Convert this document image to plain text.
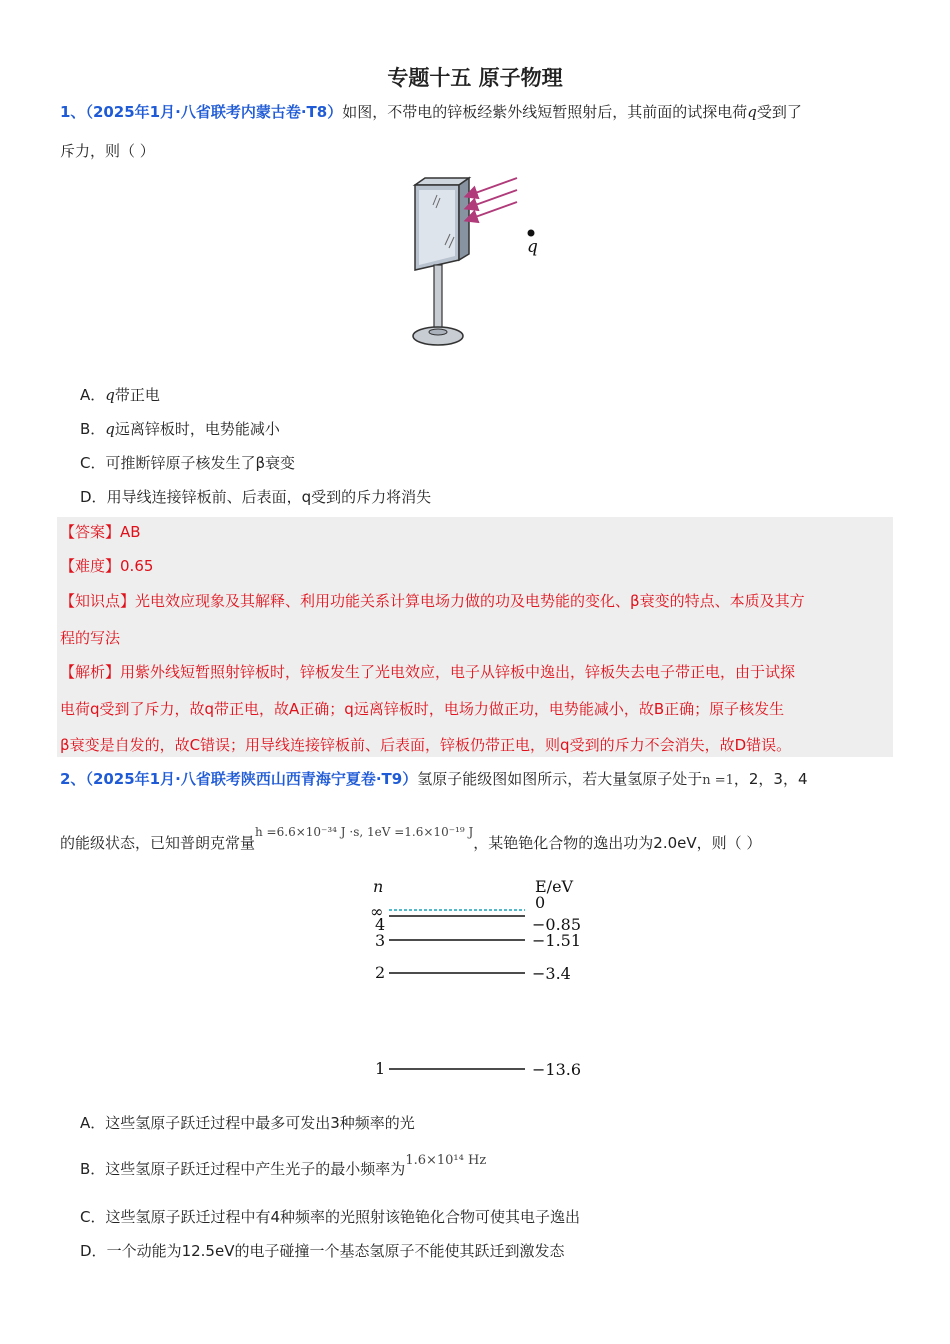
专题十五 原子物理
1、（2025年1月·八省联考内蒙古卷·T8）如图，不带电的锌板经紫外线短暂照射后，其前面的试探电荷q受到了
斥力，则（ ）
q
A．q带正电
B．q远离锌板时，电势能减小
C．可推断锌原子核发生了β衰变
D．用导线连接锌板前、后表面，q受到的斥力将消失
【答案】AB
【难度】0.65
【知识点】光电效应现象及其解释、利用功能关系计算电场力做的功及电势能的变化、β衰变的特点、本质及其方
程的写法
【解析】用紫外线短暂照射锌板时，锌板发生了光电效应，电子从锌板中逸出，锌板失去电子带正电，由于试探
电荷q受到了斥力，故q带正电，故A正确；q远离锌板时，电场力做正功，电势能减小，故B正确；原子核发生
β衰变是自发的，故C错误；用导线连接锌板前、后表面，锌板仍带正电，则q受到的斥力不会消失，故D错误。
2、（2025年1月·八省联考陕西山西青海宁夏卷·T9）氢原子能级图如图所示，若大量氢原子处于n =1，2，3，4
的能级状态，已知普朗克常量$^{h =6.6\times 10^{-34} J \cdot s, 1eV =1.6\times 10^{-19} J}$，某铯铯化合物的逸出功为2.0eV，则（ ）
n	E/eV
∞	0
4	−0.85
3	−1.51
2	−3.4
1	−13.6
A．这些氢原子跃迁过程中最多可发出3种频率的光
B．这些氢原子跃迁过程中产生光子的最小频率为1.6×10¹⁴ Hz
C．这些氢原子跃迁过程中有4种频率的光照射该铯铯化合物可使其电子逸出
D．一个动能为12.5eV的电子碰撞一个基态氢原子不能使其跃迁到激发态
